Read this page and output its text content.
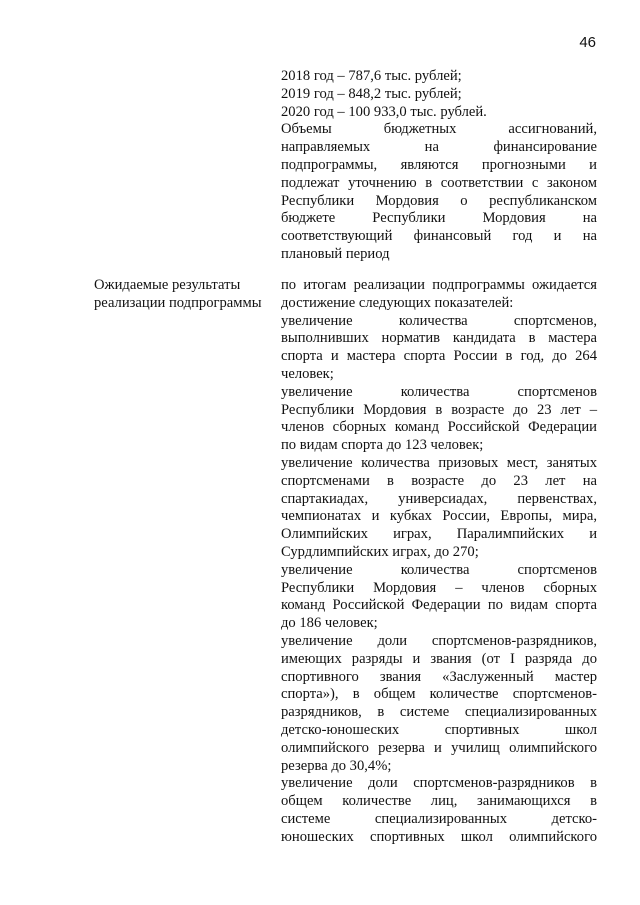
46
2018 год – 787,6 тыс. рублей;
2019 год – 848,2 тыс. рублей;
2020 год – 100 933,0 тыс. рублей.
Объемы бюджетных ассигнований,
направляемых на финансирование
подпрограммы, являются прогнозными и
подлежат уточнению в соответствии с законом
Республики Мордовия о республиканском
бюджете Республики Мордовия на
соответствующий финансовый год и на
плановый период
Ожидаемые результаты
реализации подпрограммы
по итогам реализации подпрограммы ожидается
достижение следующих показателей:
увеличение количества спортсменов,
выполнивших норматив кандидата в мастера
спорта и мастера спорта России в год, до 264
человек;
увеличение количества спортсменов
Республики Мордовия в возрасте до 23 лет –
членов сборных команд Российской Федерации
по видам спорта до 123 человек;
увеличение количества призовых мест, занятых
спортсменами в возрасте до 23 лет на
спартакиадах, универсиадах, первенствах,
чемпионатах и кубках России, Европы, мира,
Олимпийских играх, Паралимпийских и
Сурдлимпийских играх, до 270;
увеличение количества спортсменов
Республики Мордовия – членов сборных
команд Российской Федерации по видам спорта
до 186 человек;
увеличение доли спортсменов-разрядников,
имеющих разряды и звания (от I разряда до
спортивного звания «Заслуженный мастер
спорта»), в общем количестве спортсменов-
разрядников, в системе специализированных
детско-юношеских спортивных школ
олимпийского резерва и училищ олимпийского
резерва до 30,4%;
увеличение доли спортсменов-разрядников в
общем количестве лиц, занимающихся в
системе специализированных детско-
юношеских спортивных школ олимпийского
